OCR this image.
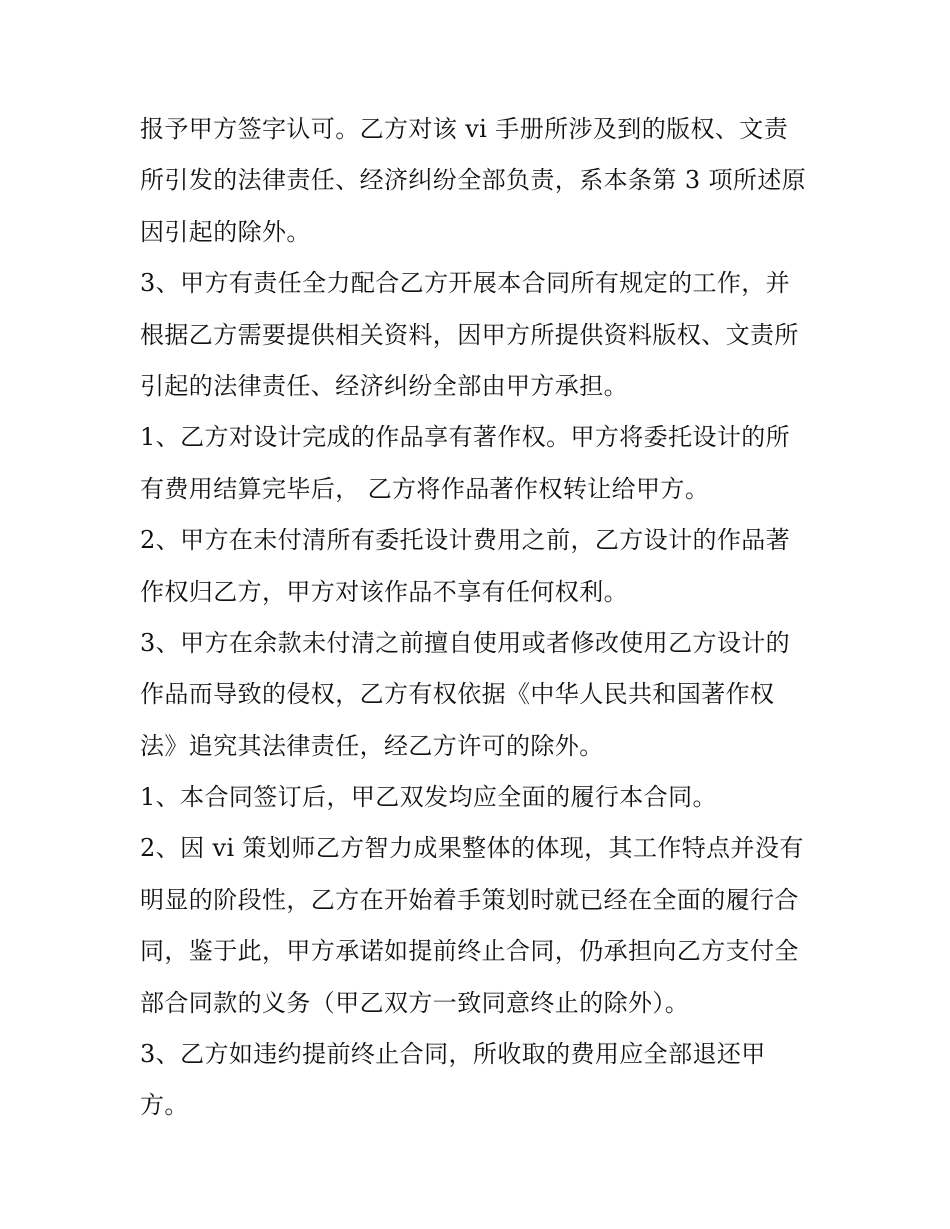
报予甲方签字认可。乙方对该 vi 手册所涉及到的版权、文责
所引发的法律责任、经济纠纷全部负责，系本条第 3 项所述原
因引起的除外。
3、甲方有责任全力配合乙方开展本合同所有规定的工作，并
根据乙方需要提供相关资料，因甲方所提供资料版权、文责所
引起的法律责任、经济纠纷全部由甲方承担。
1、乙方对设计完成的作品享有著作权。甲方将委托设计的所
有费用结算完毕后， 乙方将作品著作权转让给甲方。
2、甲方在未付清所有委托设计费用之前，乙方设计的作品著
作权归乙方，甲方对该作品不享有任何权利。
3、甲方在余款未付清之前擅自使用或者修改使用乙方设计的
作品而导致的侵权，乙方有权依据《中华人民共和国著作权
法》追究其法律责任，经乙方许可的除外。
1、本合同签订后，甲乙双发均应全面的履行本合同。
2、因 vi 策划师乙方智力成果整体的体现，其工作特点并没有
明显的阶段性，乙方在开始着手策划时就已经在全面的履行合
同，鉴于此，甲方承诺如提前终止合同，仍承担向乙方支付全
部合同款的义务（甲乙双方一致同意终止的除外）。
3、乙方如违约提前终止合同，所收取的费用应全部退还甲
方。
